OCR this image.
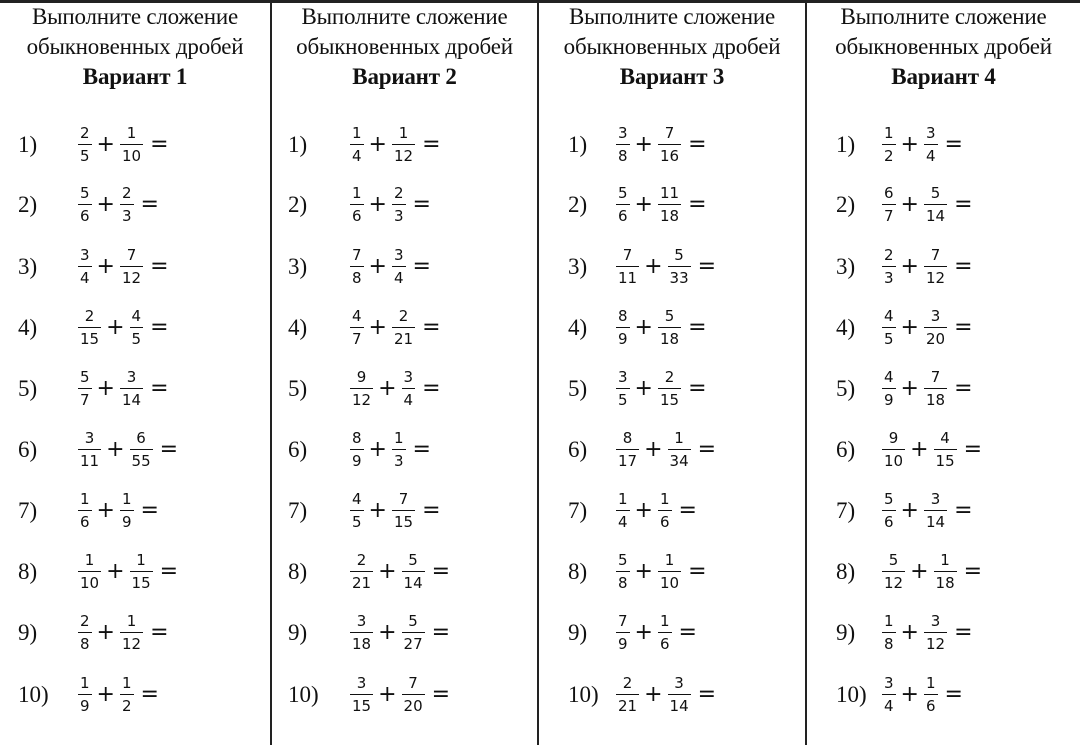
Выполните сложение обыкновенных дробей
Вариант 1
1)	$\frac{2}{5} + \frac{1}{10}$ =
2)	$\frac{5}{6} + \frac{2}{3}$ =
3)	$\frac{3}{4} + \frac{7}{12}$ =
4)	$\frac{2}{15} + \frac{4}{5}$ =
5)	$\frac{5}{7} + \frac{3}{14}$ =
6)	$\frac{3}{11} + \frac{6}{55}$ =
7)	$\frac{1}{6} + \frac{1}{9}$ =
8)	$\frac{1}{10} + \frac{1}{15}$ =
9)	$\frac{2}{8} + \frac{1}{12}$ =
10)	$\frac{1}{9} + \frac{1}{2}$ =
Выполните сложение обыкновенных дробей
Вариант 2
1)	$\frac{1}{4} + \frac{1}{12}$ =
2)	$\frac{1}{6} + \frac{2}{3}$ =
3)	$\frac{7}{8} + \frac{3}{4}$ =
4)	$\frac{4}{7} + \frac{2}{21}$ =
5)	$\frac{9}{12} + \frac{3}{4}$ =
6)	$\frac{8}{9} + \frac{1}{3}$ =
7)	$\frac{4}{5} + \frac{7}{15}$ =
8)	$\frac{2}{21} + \frac{5}{14}$ =
9)	$\frac{3}{18} + \frac{5}{27}$ =
10)	$\frac{3}{15} + \frac{7}{20}$ =
Выполните сложение обыкновенных дробей
Вариант 3
1)	$\frac{3}{8} + \frac{7}{16}$ =
2)	$\frac{5}{6} + \frac{11}{18}$ =
3)	$\frac{7}{11} + \frac{5}{33}$ =
4)	$\frac{8}{9} + \frac{5}{18}$ =
5)	$\frac{3}{5} + \frac{2}{15}$ =
6)	$\frac{8}{17} + \frac{1}{34}$ =
7)	$\frac{1}{4} + \frac{1}{6}$ =
8)	$\frac{5}{8} + \frac{1}{10}$ =
9)	$\frac{7}{9} + \frac{1}{6}$ =
10)	$\frac{2}{21} + \frac{3}{14}$ =
Выполните сложение обыкновенных дробей
Вариант 4
1)	$\frac{1}{2} + \frac{3}{4}$ =
2)	$\frac{6}{7} + \frac{5}{14}$ =
3)	$\frac{2}{3} + \frac{7}{12}$ =
4)	$\frac{4}{5} + \frac{3}{20}$ =
5)	$\frac{4}{9} + \frac{7}{18}$ =
6)	$\frac{9}{10} + \frac{4}{15}$ =
7)	$\frac{5}{6} + \frac{3}{14}$ =
8)	$\frac{5}{12} + \frac{1}{18}$ =
9)	$\frac{1}{8} + \frac{3}{12}$ =
10)	$\frac{3}{4} + \frac{1}{6}$ =
